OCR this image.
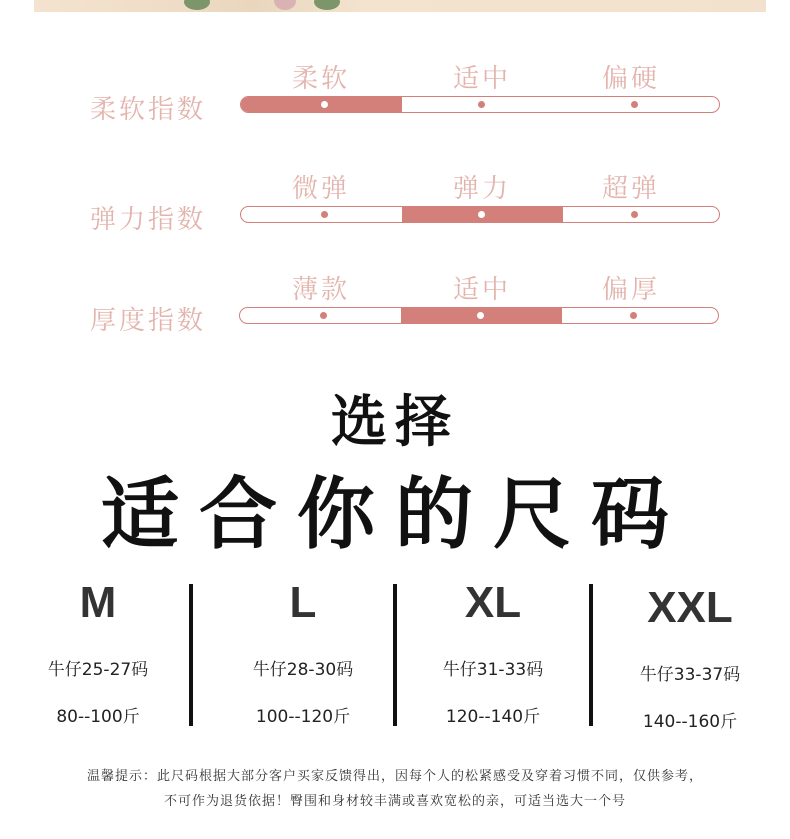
柔软指数
柔软	适中	偏硬
弹力指数
微弹	弹力	超弹
厚度指数
薄款	适中	偏厚
选择
适合你的尺码
M
牛仔25-27码
80--100斤
L
牛仔28-30码
100--120斤
XL
牛仔31-33码
120--140斤
XXL
牛仔33-37码
140--160斤
温馨提示：此尺码根据大部分客户买家反馈得出，因每个人的松紧感受及穿着习惯不同，仅供参考，
不可作为退货依据！臀围和身材较丰满或喜欢宽松的亲，可适当选大一个号
